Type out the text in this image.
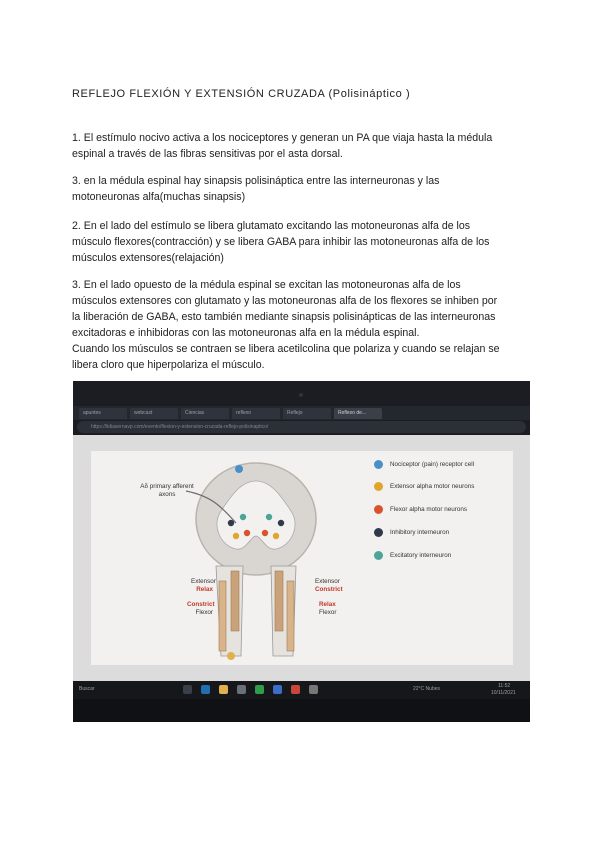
REFLEJO FLEXIÓN Y EXTENSIÓN CRUZADA (Polisináptico )

1. El estímulo nocivo activa a los nociceptores y generan un PA que viaja hasta la médula

espinal a través de las fibras sensitivas por el asta dorsal.

3. en la médula espinal hay sinapsis polisináptica entre las interneuronas y las

motoneuronas alfa(muchas sinapsis)

2. En el lado del estímulo se libera glutamato excitando las motoneuronas alfa de los

músculo flexores(contracción) y se libera GABA para inhibir las motoneuronas alfa de los

músculos extensores(relajación)

3. En el lado opuesto de la médula espinal se excitan las motoneuronas alfa de los

músculos extensores con glutamato y las motoneuronas alfa de los flexores se inhiben por

la liberación de GABA, esto también mediante sinapsis polisinápticas de las interneuronas

excitadoras e inhibidoras con las motoneuronas alfa en la médula espinal.

Cuando los músculos se contraen se libera acetilcolina que polariza y cuando se relajan se

libera cloro que hiperpolariza el músculo.

apuntes	webcast	Ciencias	reflexo	Reflejo	Reflexo de...
https://lidiasernavp.com/evento/flexion-y-extension-cruzada-reflejo-polisinaptico/
Aδ primary afferent axons
Extensor
Relax
Constrict
Flexor
Extensor
Constrict
Relax
Flexor
Nociceptor (pain) receptor cell
Extensor alpha motor neurons
Flexor alpha motor neurons
Inhibitory interneuron
Excitatory interneuron
Buscar	22°C Nubes	11:52
10/11/2021
